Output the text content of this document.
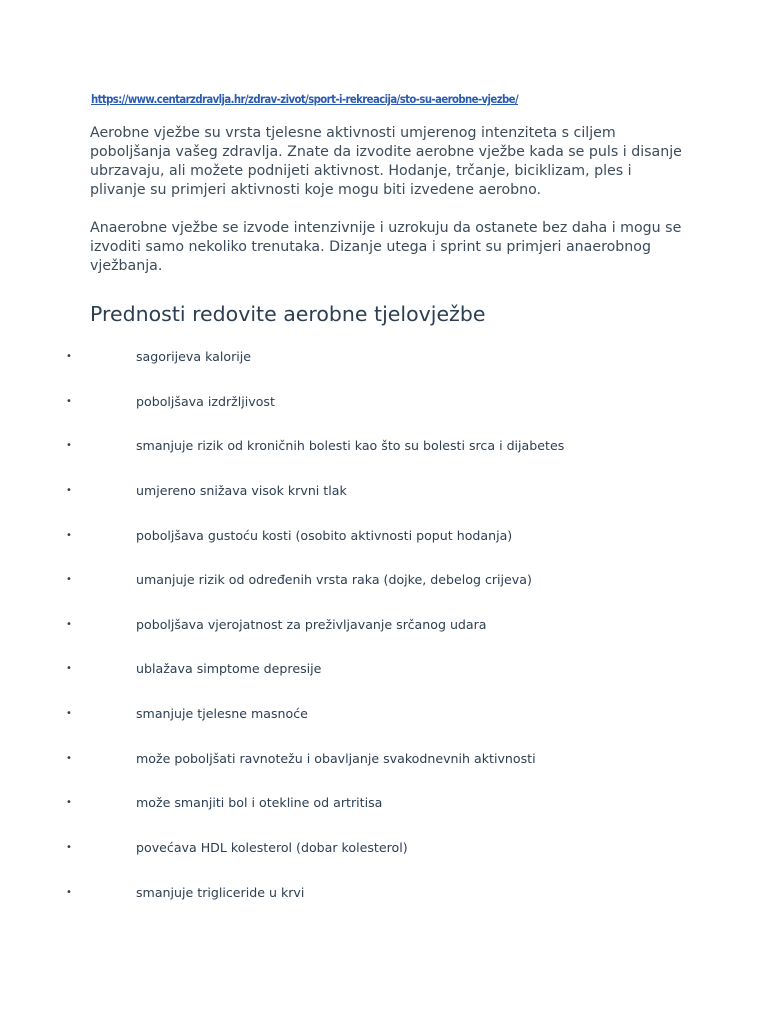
https://www.centarzdravlja.hr/zdrav-zivot/sport-i-rekreacija/sto-su-aerobne-vjezbe/

Aerobne vježbe su vrsta tjelesne aktivnosti umjerenog intenziteta s ciljem poboljšanja vašeg zdravlja. Znate da izvodite aerobne vježbe kada se puls i disanje ubrzavaju, ali možete podnijeti aktivnost. Hodanje, trčanje, biciklizam, ples i plivanje su primjeri aktivnosti koje mogu biti izvedene aerobno.

Anaerobne vježbe se izvode intenzivnije i uzrokuju da ostanete bez daha i mogu se izvoditi samo nekoliko trenutaka. Dizanje utega i sprint su primjeri anaerobnog vježbanja.

Prednosti redovite aerobne tjelovježbe
•	sagorijeva kalorije
•	poboljšava izdržljivost
•	smanjuje rizik od kroničnih bolesti kao što su bolesti srca i dijabetes
•	umjereno snižava visok krvni tlak
•	poboljšava gustoću kosti (osobito aktivnosti poput hodanja)
•	umanjuje rizik od određenih vrsta raka (dojke, debelog crijeva)
•	poboljšava vjerojatnost za preživljavanje srčanog udara
•	ublažava simptome depresije
•	smanjuje tjelesne masnoće
•	može poboljšati ravnotežu i obavljanje svakodnevnih aktivnosti
•	može smanjiti bol i otekline od artritisa
•	povećava HDL kolesterol (dobar kolesterol)
•	smanjuje trigliceride u krvi
